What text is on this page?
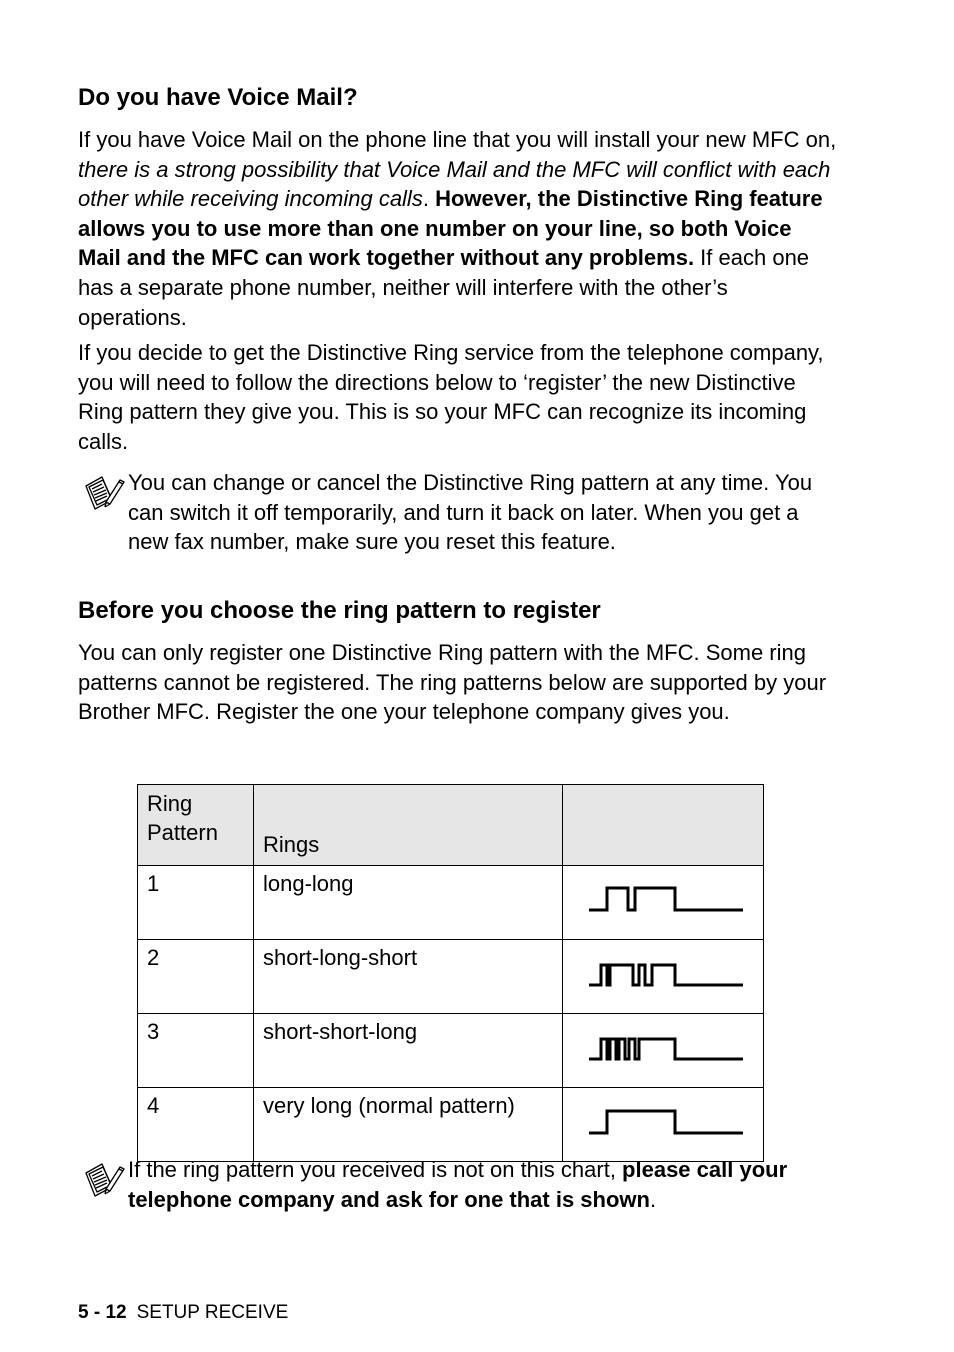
Do you have Voice Mail?

If you have Voice Mail on the phone line that you will install your new MFC on, there is a strong possibility that Voice Mail and the MFC will conflict with each other while receiving incoming calls. However, the Distinctive Ring feature allows you to use more than one number on your line, so both Voice Mail and the MFC can work together without any problems. If each one has a separate phone number, neither will interfere with the other’s operations.

If you decide to get the Distinctive Ring service from the telephone company, you will need to follow the directions below to ‘register’ the new Distinctive Ring pattern they give you. This is so your MFC can recognize its incoming calls.

You can change or cancel the Distinctive Ring pattern at any time. You can switch it off temporarily, and turn it back on later. When you get a new fax number, make sure you reset this feature.

Before you choose the ring pattern to register

You can only register one Distinctive Ring pattern with the MFC. Some ring patterns cannot be registered. The ring patterns below are supported by your Brother MFC. Register the one your telephone company gives you.

Ring
Pattern	Rings	
1	long-long	
2	short-long-short	
3	short-short-long	
4	very long (normal pattern)	

If the ring pattern you received is not on this chart, please call your telephone company and ask for one that is shown.

5 - 12 SETUP RECEIVE
